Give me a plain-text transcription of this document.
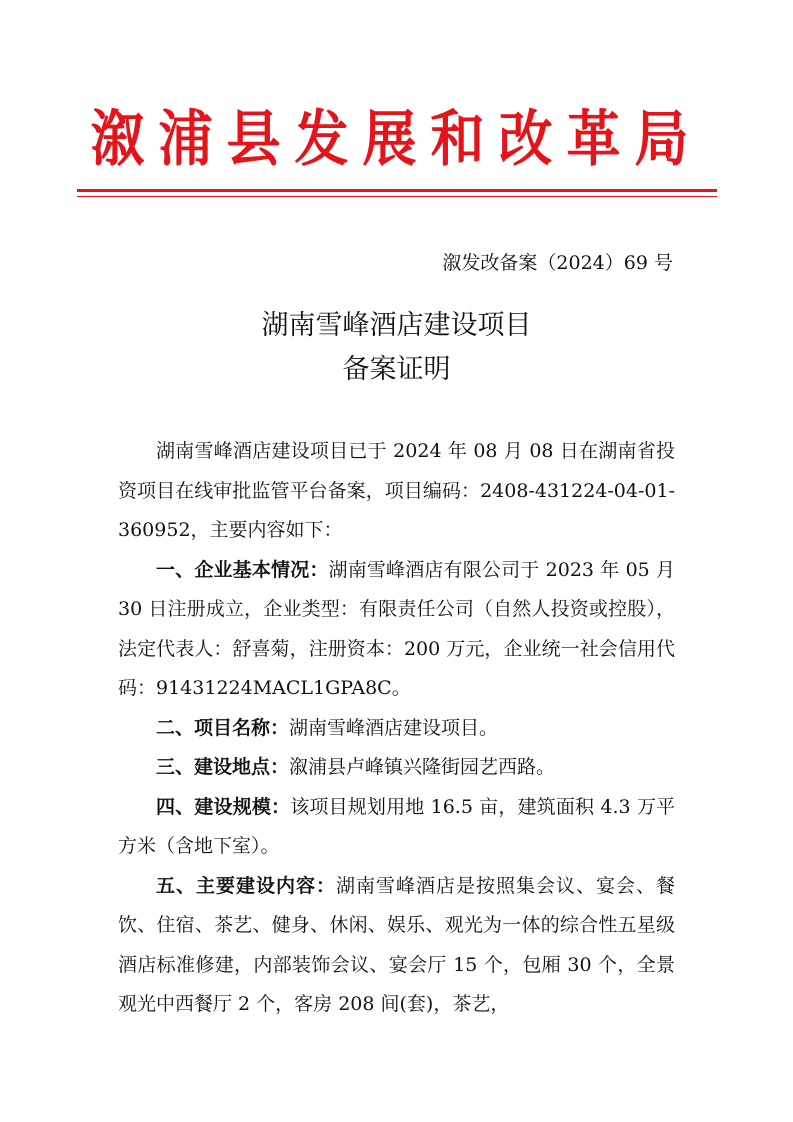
溆浦县发展和改革局
溆发改备案（2024）69 号
湖南雪峰酒店建设项目
备案证明

湖南雪峰酒店建设项目已于 2024 年 08 月 08 日在湖南省投资项目在线审批监管平台备案，项目编码：2408-431224-04-01-360952，主要内容如下：

一、企业基本情况：湖南雪峰酒店有限公司于 2023 年 05 月 30 日注册成立，企业类型：有限责任公司（自然人投资或控股），法定代表人：舒喜菊，注册资本：200 万元，企业统一社会信用代码：91431224MACL1GPA8C。

二、项目名称：湖南雪峰酒店建设项目。

三、建设地点：溆浦县卢峰镇兴隆街园艺西路。

四、建设规模：该项目规划用地 16.5 亩，建筑面积 4.3 万平方米（含地下室）。

五、主要建设内容：湖南雪峰酒店是按照集会议、宴会、餐饮、住宿、茶艺、健身、休闲、娱乐、观光为一体的综合性五星级酒店标准修建，内部装饰会议、宴会厅 15 个，包厢 30 个，全景观光中西餐厅 2 个，客房 208 间(套)，茶艺，
